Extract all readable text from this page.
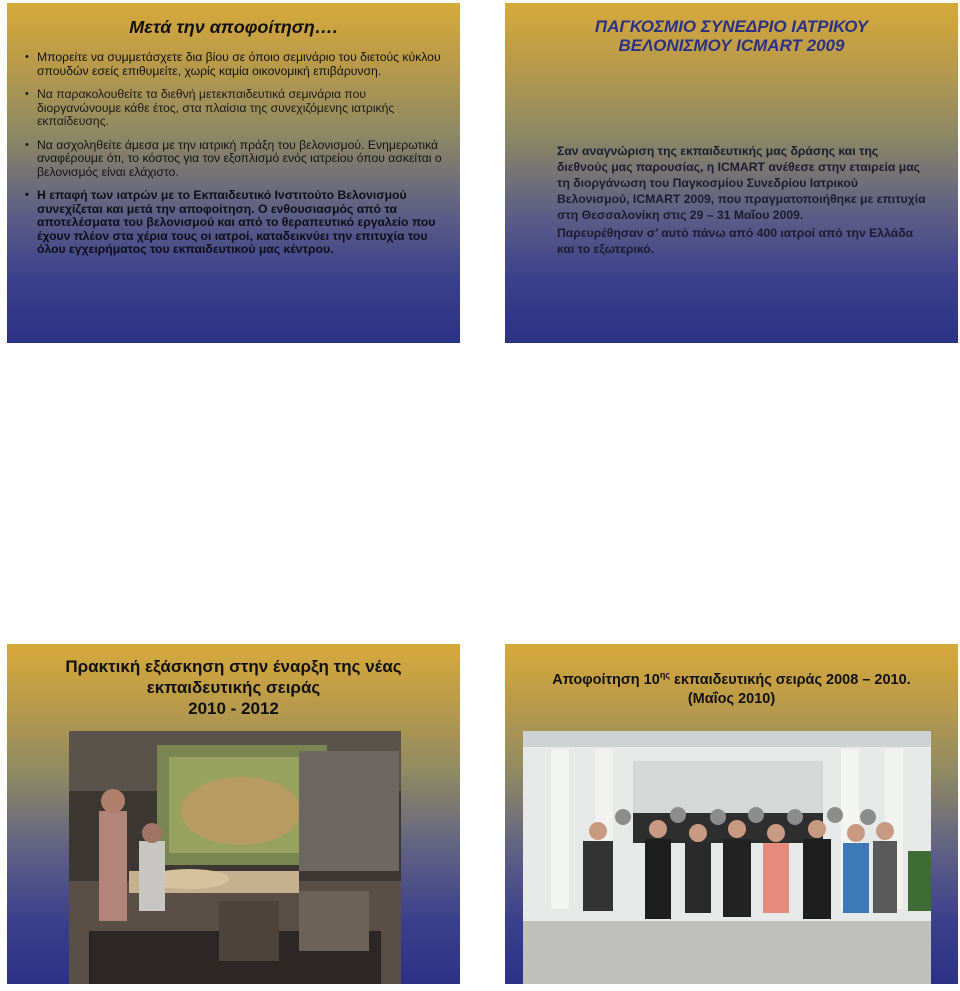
Μετά την αποφοίτηση….
• Μπορείτε να συμμετάσχετε δια βίου σε όποιο σεμινάριο του διετούς κύκλου σπουδών εσείς επιθυμείτε, χωρίς καμία οικονομική επιβάρυνση.
• Να παρακολουθείτε τα διεθνή μετεκπαιδευτικά σεμινάρια που διοργανώνουμε κάθε έτος, στα πλαίσια της συνεχιζόμενης ιατρικής εκπαίδευσης.
• Να ασχοληθείτε άμεσα με την ιατρική πράξη του βελονισμού. Ενημερωτικά αναφέρουμε ότι, το κόστος για τον εξοπλισμό ενός ιατρείου όπου ασκείται ο βελονισμός είναι ελάχιστο.
• Η επαφή των ιατρών με το Εκπαιδευτικό Ινστιτούτο Βελονισμού συνεχίζεται και μετά την αποφοίτηση. Ο ενθουσιασμός από τα αποτελέσματα του βελονισμού και από το θεραπευτικό εργαλείο που έχουν πλέον στα χέρια τους οι ιατροί, καταδεικνύει την επιτυχία του όλου εγχειρήματος του εκπαιδευτικού μας κέντρου.
ΠΑΓΚΟΣΜΙΟ ΣΥΝΕΔΡΙΟ ΙΑΤΡΙΚΟΥ
ΒΕΛΟΝΙΣΜΟΥ ICMART 2009

Σαν αναγνώριση της εκπαιδευτικής μας δράσης και της διεθνούς μας παρουσίας, η ICMART ανέθεσε στην εταιρεία μας τη διοργάνωση του Παγκοσμίου Συνεδρίου Ιατρικού Βελονισμού, ICMART 2009, που πραγματοποιήθηκε με επιτυχία στη Θεσσαλονίκη στις 29 – 31 Μαΐου 2009.

Παρευρέθησαν σ’ αυτό πάνω από 400 ιατροί από την Ελλάδα και το εξωτερικό.

Πρακτική εξάσκηση στην έναρξη της νέας
εκπαιδευτικής σειράς
2010 - 2012
Αποφοίτηση $10^{\eta\varsigma}$ εκπαιδευτικής σειράς 2008 – 2010.
(Μαΐος 2010)
